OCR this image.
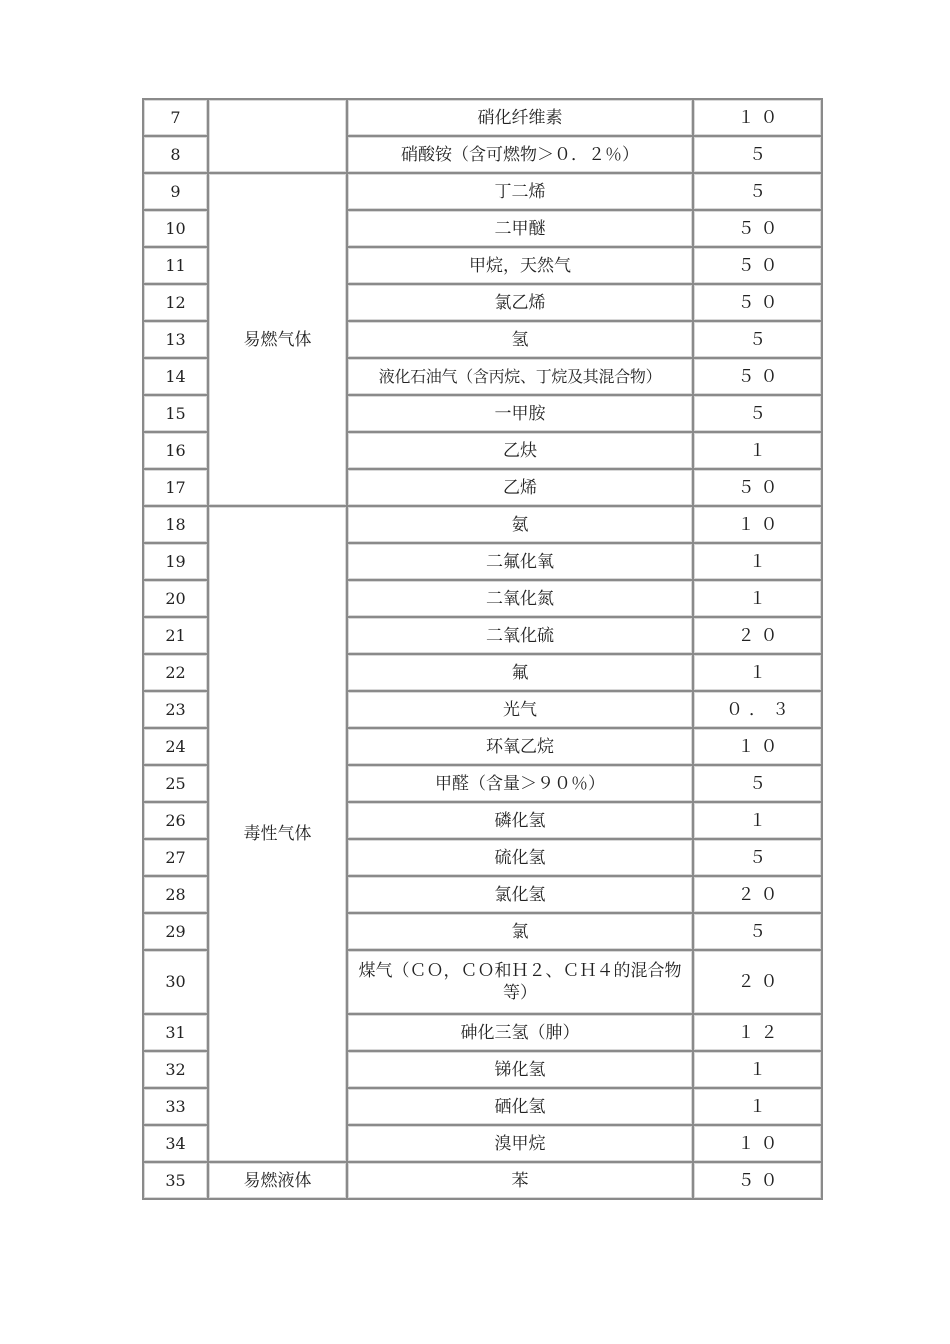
7		硝化纤维素	１０
8		硝酸铵（含可燃物＞０．２％）	５
9	易燃气体	丁二烯	５
10		二甲醚	５０
11		甲烷，天然气	５０
12		氯乙烯	５０
13		氢	５
14		液化石油气（含丙烷、丁烷及其混合物）	５０
15		一甲胺	５
16		乙炔	１
17		乙烯	５０
18	毒性气体	氨	１０
19		二氟化氧	１
20		二氧化氮	１
21		二氧化硫	２０
22		氟	１
23		光气	０．３
24		环氧乙烷	１０
25		甲醛（含量＞９０％）	５
26		磷化氢	１
27		硫化氢	５
28		氯化氢	２０
29		氯	５
30		煤气（ＣＯ，ＣＯ和Ｈ２、ＣＨ４的混合物等）	２０
31		砷化三氢（胂）	１２
32		锑化氢	１
33		硒化氢	１
34		溴甲烷	１０
35	易燃液体	苯	５０
